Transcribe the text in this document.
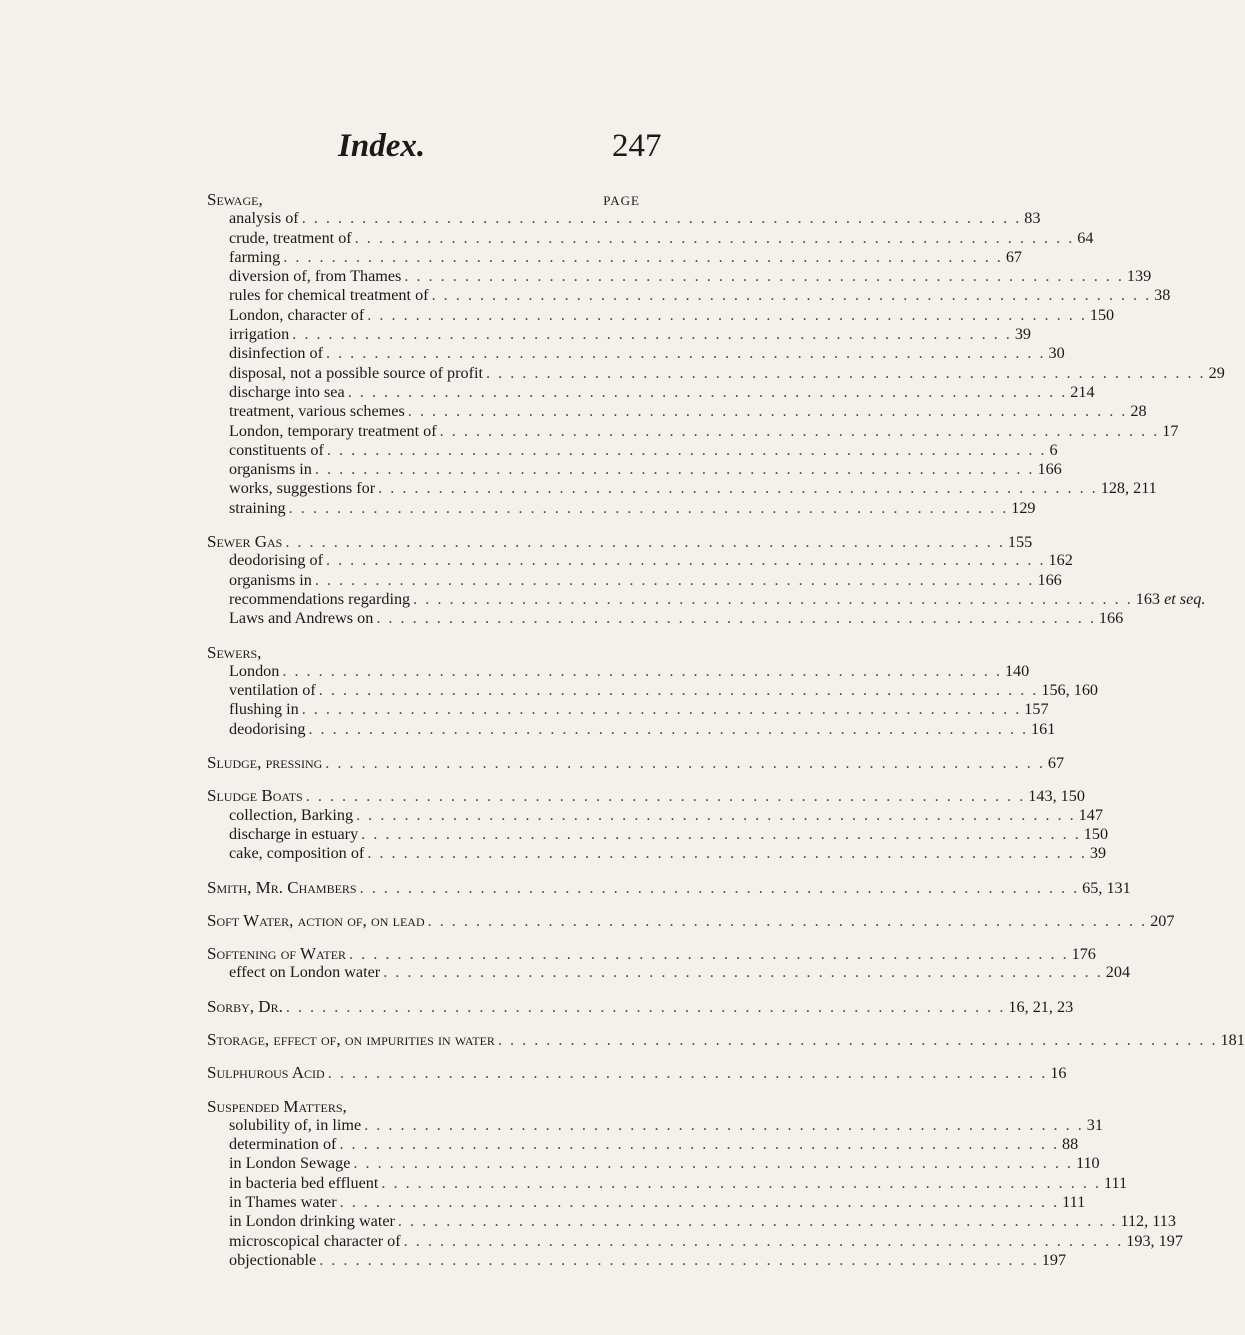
Index.	247
Sewage,	PAGE
analysis of . . . . . . . . . . . . . . . . . . . . . . . . . . . . . . . . . . . . . . . . . . . . . . . . . . . . . . . . . . . . 83
crude, treatment of . . . . . . . . . . . . . . . . . . . . . . . . . . . . . . . . . . . . . . . . . . . . . . . . . . . . . . . . . . . . 64
farming . . . . . . . . . . . . . . . . . . . . . . . . . . . . . . . . . . . . . . . . . . . . . . . . . . . . . . . . . . . . 67
diversion of, from Thames . . . . . . . . . . . . . . . . . . . . . . . . . . . . . . . . . . . . . . . . . . . . . . . . . . . . . . . . . . . . 139
rules for chemical treatment of . . . . . . . . . . . . . . . . . . . . . . . . . . . . . . . . . . . . . . . . . . . . . . . . . . . . . . . . . . . . 38
London, character of . . . . . . . . . . . . . . . . . . . . . . . . . . . . . . . . . . . . . . . . . . . . . . . . . . . . . . . . . . . . 150
irrigation . . . . . . . . . . . . . . . . . . . . . . . . . . . . . . . . . . . . . . . . . . . . . . . . . . . . . . . . . . . . 39
disinfection of . . . . . . . . . . . . . . . . . . . . . . . . . . . . . . . . . . . . . . . . . . . . . . . . . . . . . . . . . . . . 30
disposal, not a possible source of profit . . . . . . . . . . . . . . . . . . . . . . . . . . . . . . . . . . . . . . . . . . . . . . . . . . . . . . . . . . . . 29
discharge into sea . . . . . . . . . . . . . . . . . . . . . . . . . . . . . . . . . . . . . . . . . . . . . . . . . . . . . . . . . . . . 214
treatment, various schemes . . . . . . . . . . . . . . . . . . . . . . . . . . . . . . . . . . . . . . . . . . . . . . . . . . . . . . . . . . . . 28
London, temporary treatment of . . . . . . . . . . . . . . . . . . . . . . . . . . . . . . . . . . . . . . . . . . . . . . . . . . . . . . . . . . . . 17
constituents of . . . . . . . . . . . . . . . . . . . . . . . . . . . . . . . . . . . . . . . . . . . . . . . . . . . . . . . . . . . . 6
organisms in . . . . . . . . . . . . . . . . . . . . . . . . . . . . . . . . . . . . . . . . . . . . . . . . . . . . . . . . . . . . 166
works, suggestions for . . . . . . . . . . . . . . . . . . . . . . . . . . . . . . . . . . . . . . . . . . . . . . . . . . . . . . . . . . . . 128, 211
straining . . . . . . . . . . . . . . . . . . . . . . . . . . . . . . . . . . . . . . . . . . . . . . . . . . . . . . . . . . . . 129
Sewer Gas . . . . . . . . . . . . . . . . . . . . . . . . . . . . . . . . . . . . . . . . . . . . . . . . . . . . . . . . . . . . 155
deodorising of . . . . . . . . . . . . . . . . . . . . . . . . . . . . . . . . . . . . . . . . . . . . . . . . . . . . . . . . . . . . 162
organisms in . . . . . . . . . . . . . . . . . . . . . . . . . . . . . . . . . . . . . . . . . . . . . . . . . . . . . . . . . . . . 166
recommendations regarding . . . . . . . . . . . . . . . . . . . . . . . . . . . . . . . . . . . . . . . . . . . . . . . . . . . . . . . . . . . . 163 et seq.
Laws and Andrews on . . . . . . . . . . . . . . . . . . . . . . . . . . . . . . . . . . . . . . . . . . . . . . . . . . . . . . . . . . . . 166
Sewers,
London . . . . . . . . . . . . . . . . . . . . . . . . . . . . . . . . . . . . . . . . . . . . . . . . . . . . . . . . . . . . 140
ventilation of . . . . . . . . . . . . . . . . . . . . . . . . . . . . . . . . . . . . . . . . . . . . . . . . . . . . . . . . . . . . 156, 160
flushing in . . . . . . . . . . . . . . . . . . . . . . . . . . . . . . . . . . . . . . . . . . . . . . . . . . . . . . . . . . . . 157
deodorising . . . . . . . . . . . . . . . . . . . . . . . . . . . . . . . . . . . . . . . . . . . . . . . . . . . . . . . . . . . . 161
Sludge, pressing . . . . . . . . . . . . . . . . . . . . . . . . . . . . . . . . . . . . . . . . . . . . . . . . . . . . . . . . . . . . 67
Sludge Boats . . . . . . . . . . . . . . . . . . . . . . . . . . . . . . . . . . . . . . . . . . . . . . . . . . . . . . . . . . . . 143, 150
collection, Barking . . . . . . . . . . . . . . . . . . . . . . . . . . . . . . . . . . . . . . . . . . . . . . . . . . . . . . . . . . . . 147
discharge in estuary . . . . . . . . . . . . . . . . . . . . . . . . . . . . . . . . . . . . . . . . . . . . . . . . . . . . . . . . . . . . 150
cake, composition of . . . . . . . . . . . . . . . . . . . . . . . . . . . . . . . . . . . . . . . . . . . . . . . . . . . . . . . . . . . . 39
Smith, Mr. Chambers . . . . . . . . . . . . . . . . . . . . . . . . . . . . . . . . . . . . . . . . . . . . . . . . . . . . . . . . . . . . 65, 131
Soft Water, action of, on lead . . . . . . . . . . . . . . . . . . . . . . . . . . . . . . . . . . . . . . . . . . . . . . . . . . . . . . . . . . . . 207
Softening of Water . . . . . . . . . . . . . . . . . . . . . . . . . . . . . . . . . . . . . . . . . . . . . . . . . . . . . . . . . . . . 176
effect on London water . . . . . . . . . . . . . . . . . . . . . . . . . . . . . . . . . . . . . . . . . . . . . . . . . . . . . . . . . . . . 204
Sorby, Dr. . . . . . . . . . . . . . . . . . . . . . . . . . . . . . . . . . . . . . . . . . . . . . . . . . . . . . . . . . . . . 16, 21, 23
Storage, effect of, on impurities in water . . . . . . . . . . . . . . . . . . . . . . . . . . . . . . . . . . . . . . . . . . . . . . . . . . . . . . . . . . . . 181
Sulphurous Acid . . . . . . . . . . . . . . . . . . . . . . . . . . . . . . . . . . . . . . . . . . . . . . . . . . . . . . . . . . . . 16
Suspended Matters,
solubility of, in lime . . . . . . . . . . . . . . . . . . . . . . . . . . . . . . . . . . . . . . . . . . . . . . . . . . . . . . . . . . . . 31
determination of . . . . . . . . . . . . . . . . . . . . . . . . . . . . . . . . . . . . . . . . . . . . . . . . . . . . . . . . . . . . 88
in London Sewage . . . . . . . . . . . . . . . . . . . . . . . . . . . . . . . . . . . . . . . . . . . . . . . . . . . . . . . . . . . . 110
in bacteria bed effluent . . . . . . . . . . . . . . . . . . . . . . . . . . . . . . . . . . . . . . . . . . . . . . . . . . . . . . . . . . . . 111
in Thames water . . . . . . . . . . . . . . . . . . . . . . . . . . . . . . . . . . . . . . . . . . . . . . . . . . . . . . . . . . . . 111
in London drinking water . . . . . . . . . . . . . . . . . . . . . . . . . . . . . . . . . . . . . . . . . . . . . . . . . . . . . . . . . . . . 112, 113
microscopical character of . . . . . . . . . . . . . . . . . . . . . . . . . . . . . . . . . . . . . . . . . . . . . . . . . . . . . . . . . . . . 193, 197
objectionable . . . . . . . . . . . . . . . . . . . . . . . . . . . . . . . . . . . . . . . . . . . . . . . . . . . . . . . . . . . . 197
